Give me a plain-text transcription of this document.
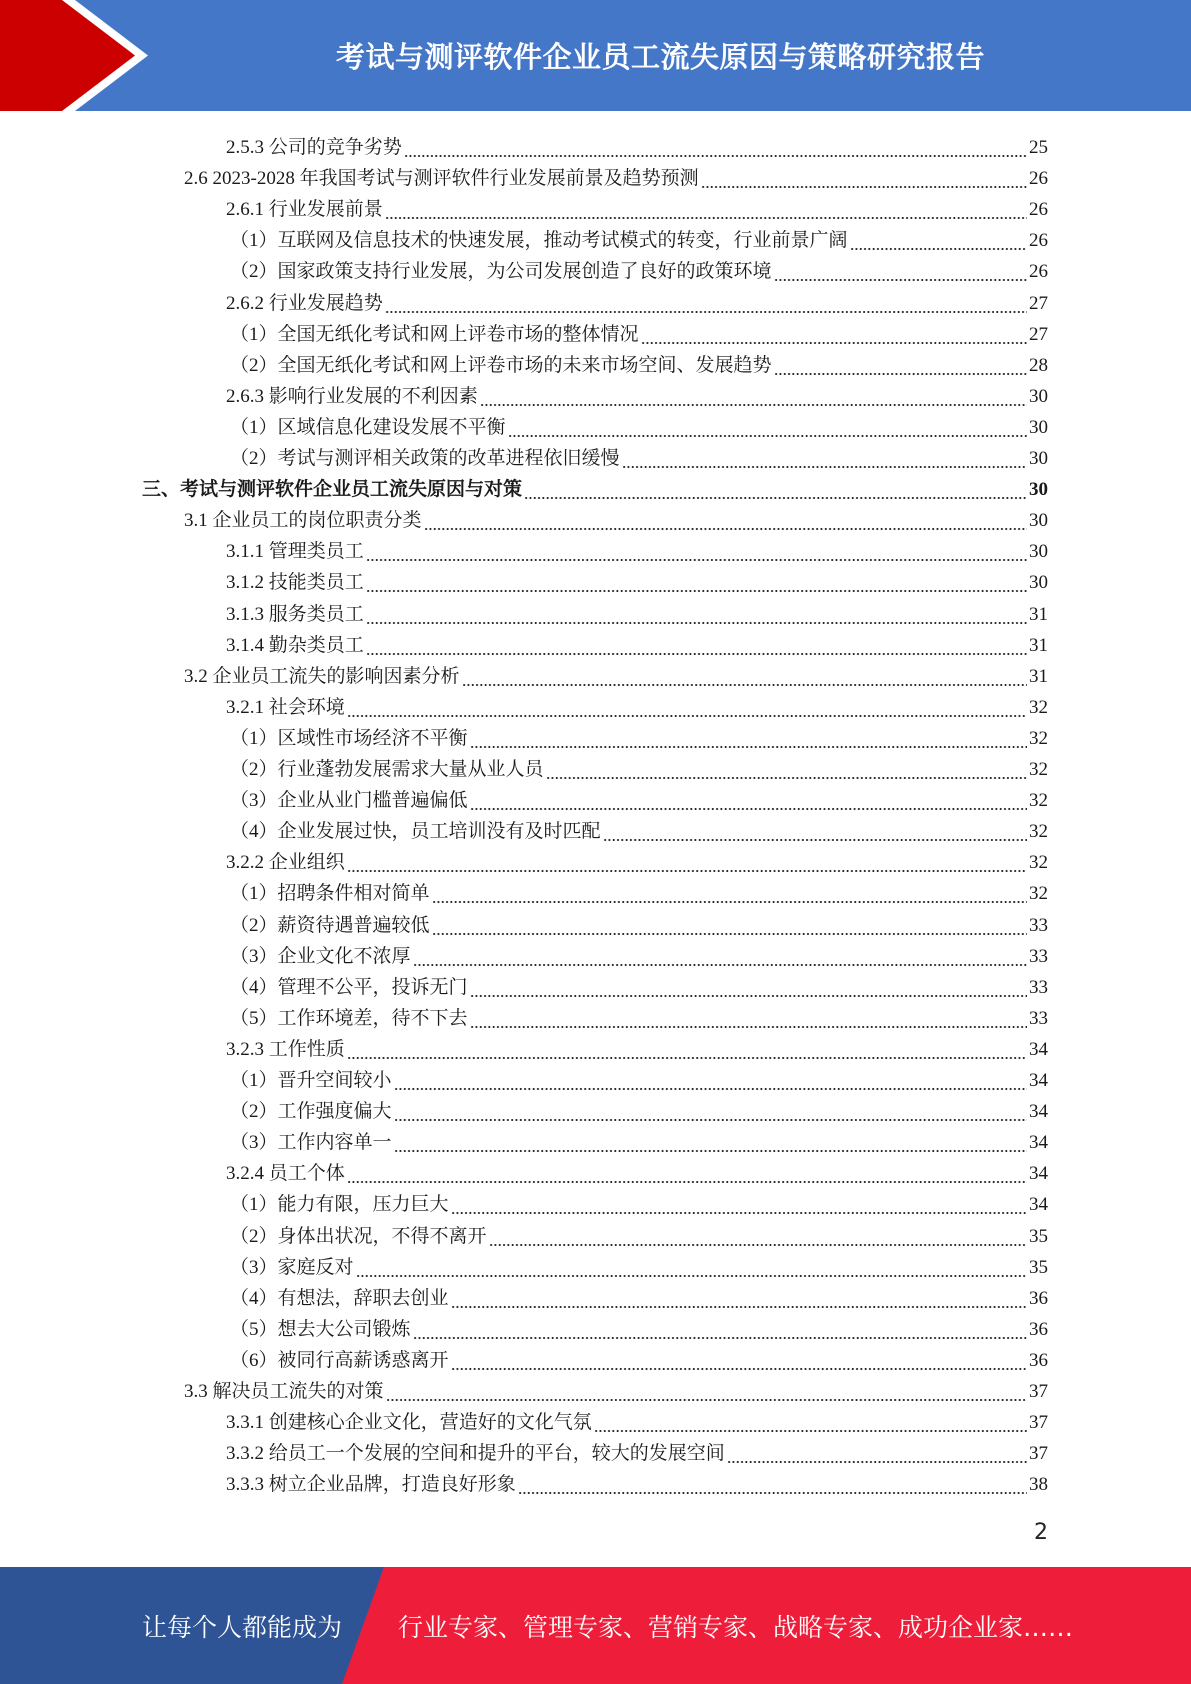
考试与测评软件企业员工流失原因与策略研究报告
2.5.3 公司的竞争劣势	25
2.6 2023-2028 年我国考试与测评软件行业发展前景及趋势预测	26
2.6.1 行业发展前景	26
（1）互联网及信息技术的快速发展，推动考试模式的转变，行业前景广阔	26
（2）国家政策支持行业发展，为公司发展创造了良好的政策环境	26
2.6.2 行业发展趋势	27
（1）全国无纸化考试和网上评卷市场的整体情况	27
（2）全国无纸化考试和网上评卷市场的未来市场空间、发展趋势	28
2.6.3 影响行业发展的不利因素	30
（1）区域信息化建设发展不平衡	30
（2）考试与测评相关政策的改革进程依旧缓慢	30
三、考试与测评软件企业员工流失原因与对策	30
3.1 企业员工的岗位职责分类	30
3.1.1 管理类员工	30
3.1.2 技能类员工	30
3.1.3 服务类员工	31
3.1.4 勤杂类员工	31
3.2 企业员工流失的影响因素分析	31
3.2.1 社会环境	32
（1）区域性市场经济不平衡	32
（2）行业蓬勃发展需求大量从业人员	32
（3）企业从业门槛普遍偏低	32
（4）企业发展过快，员工培训没有及时匹配	32
3.2.2 企业组织	32
（1）招聘条件相对简单	32
（2）薪资待遇普遍较低	33
（3）企业文化不浓厚	33
（4）管理不公平，投诉无门	33
（5）工作环境差，待不下去	33
3.2.3 工作性质	34
（1）晋升空间较小	34
（2）工作强度偏大	34
（3）工作内容单一	34
3.2.4 员工个体	34
（1）能力有限，压力巨大	34
（2）身体出状况，不得不离开	35
（3）家庭反对	35
（4）有想法，辞职去创业	36
（5）想去大公司锻炼	36
（6）被同行高薪诱惑离开	36
3.3 解决员工流失的对策	37
3.3.1 创建核心企业文化，营造好的文化气氛	37
3.3.2 给员工一个发展的空间和提升的平台，较大的发展空间	37
3.3.3 树立企业品牌，打造良好形象	38
2
让每个人都能成为 行业专家、管理专家、营销专家、战略专家、成功企业家……
